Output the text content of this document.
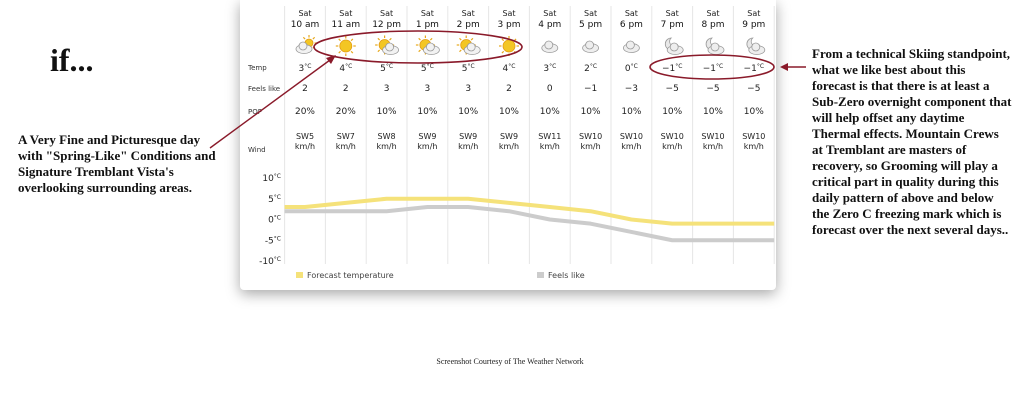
if...
A Very Fine and Picturesque day with "Spring-Like" Conditions and Signature Tremblant Vista's overlooking surrounding areas.
From a technical Skiing standpoint, what we like best about this forecast is that there is at least a Sub-Zero overnight component that will help offset any daytime Thermal effects. Mountain Crews at Tremblant are masters of recovery, so Grooming will play a critical part in quality during this daily pattern of above and below the Zero C freezing mark which is forecast over the next several days..
Screenshot Courtesy of The Weather Network
Sat
10 am
Sat
11 am
Sat
12 pm
Sat
1 pm
Sat
2 pm
Sat
3 pm
Sat
4 pm
Sat
5 pm
Sat
6 pm
Sat
7 pm
Sat
8 pm
Sat
9 pm
$3^{^\circ C}$
2
20%
SW5
km/h
$4^{^\circ C}$
2
20%
SW7
km/h
$5^{^\circ C}$
3
10%
SW8
km/h
$5^{^\circ C}$
3
10%
SW9
km/h
$5^{^\circ C}$
3
10%
SW9
km/h
$4^{^\circ C}$
2
10%
SW9
km/h
$3^{^\circ C}$
0
10%
SW11
km/h
$2^{^\circ C}$
−1
10%
SW10
km/h
$0^{^\circ C}$
−3
10%
SW10
km/h
$-1^{^\circ C}$
−5
10%
SW10
km/h
$-1^{^\circ C}$
−5
10%
SW10
km/h
$-1^{^\circ C}$
−5
10%
SW10
km/h
Temp
Feels like
POP
Wind
$10^{^\circ C}$
$5^{^\circ C}$
$0^{^\circ C}$
$-5^{^\circ C}$
$-10^{^\circ C}$
Forecast temperature	Feels like
